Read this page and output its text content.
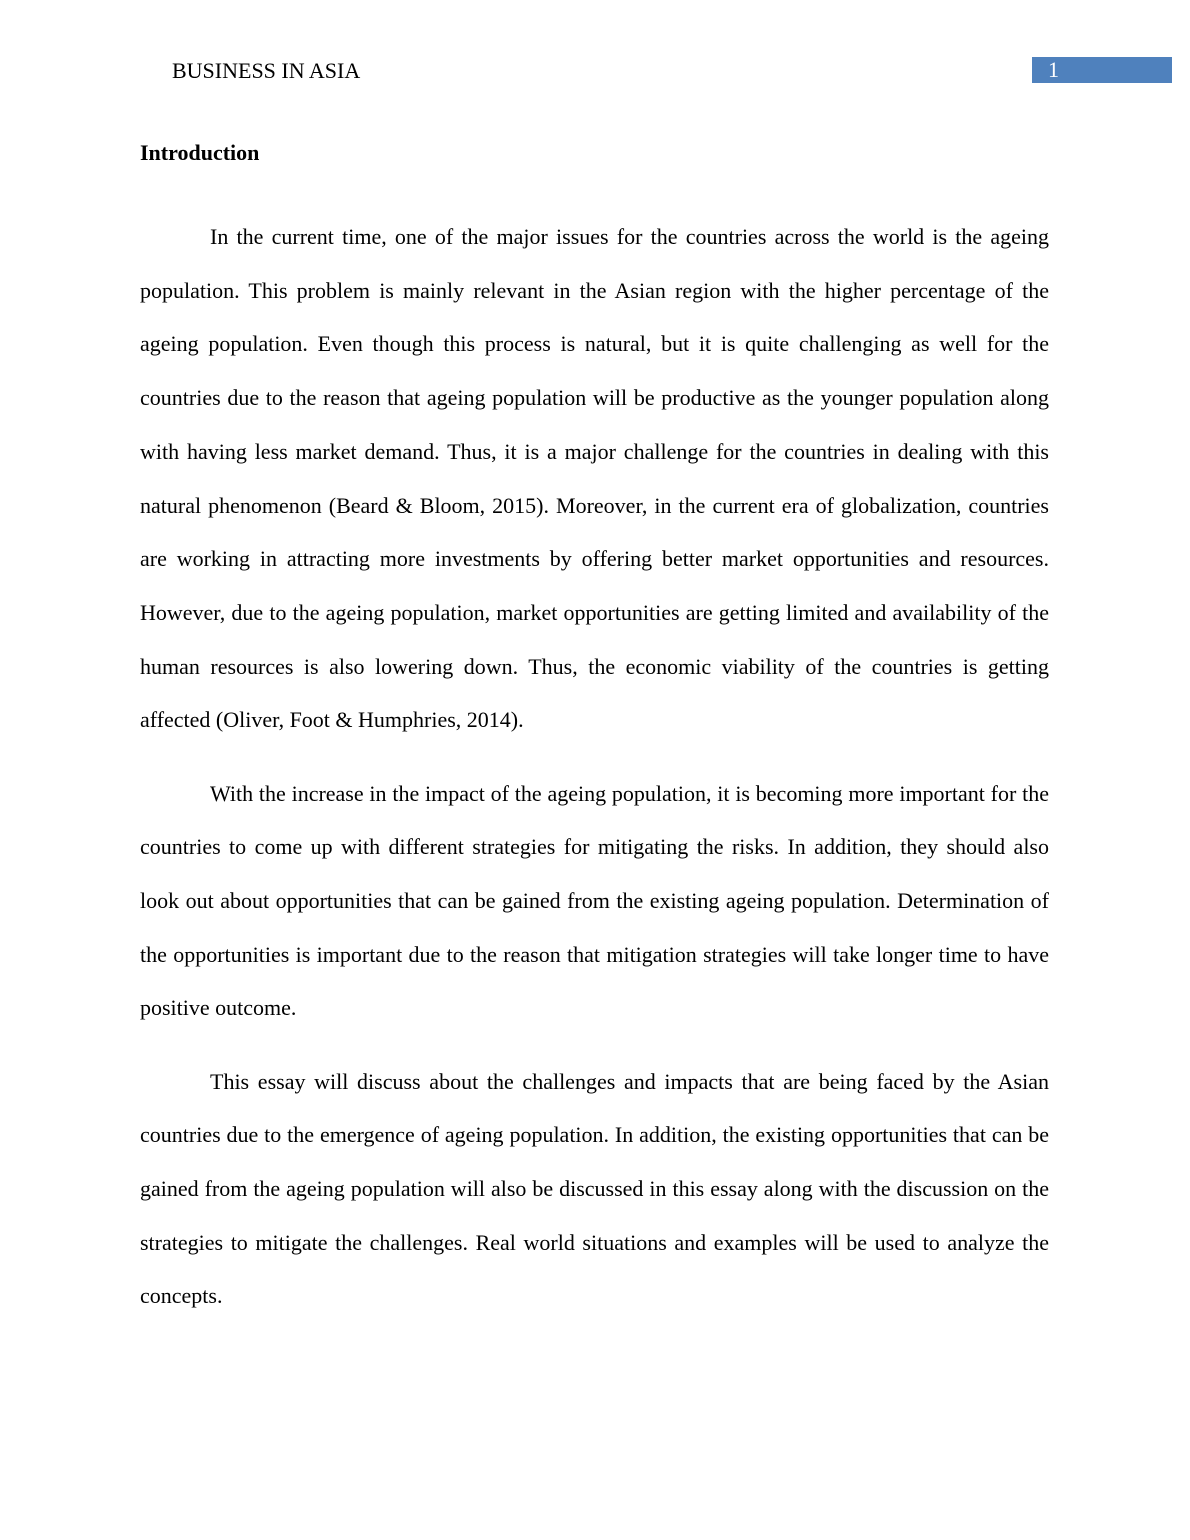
BUSINESS IN ASIA	1
Introduction

In the current time, one of the major issues for the countries across the world is the ageing population. This problem is mainly relevant in the Asian region with the higher percentage of the ageing population. Even though this process is natural, but it is quite challenging as well for the countries due to the reason that ageing population will be productive as the younger population along with having less market demand. Thus, it is a major challenge for the countries in dealing with this natural phenomenon (Beard & Bloom, 2015). Moreover, in the current era of globalization, countries are working in attracting more investments by offering better market opportunities and resources. However, due to the ageing population, market opportunities are getting limited and availability of the human resources is also lowering down. Thus, the economic viability of the countries is getting affected (Oliver, Foot & Humphries, 2014).

With the increase in the impact of the ageing population, it is becoming more important for the countries to come up with different strategies for mitigating the risks. In addition, they should also look out about opportunities that can be gained from the existing ageing population. Determination of the opportunities is important due to the reason that mitigation strategies will take longer time to have positive outcome.

This essay will discuss about the challenges and impacts that are being faced by the Asian countries due to the emergence of ageing population. In addition, the existing opportunities that can be gained from the ageing population will also be discussed in this essay along with the discussion on the strategies to mitigate the challenges. Real world situations and examples will be used to analyze the concepts.
